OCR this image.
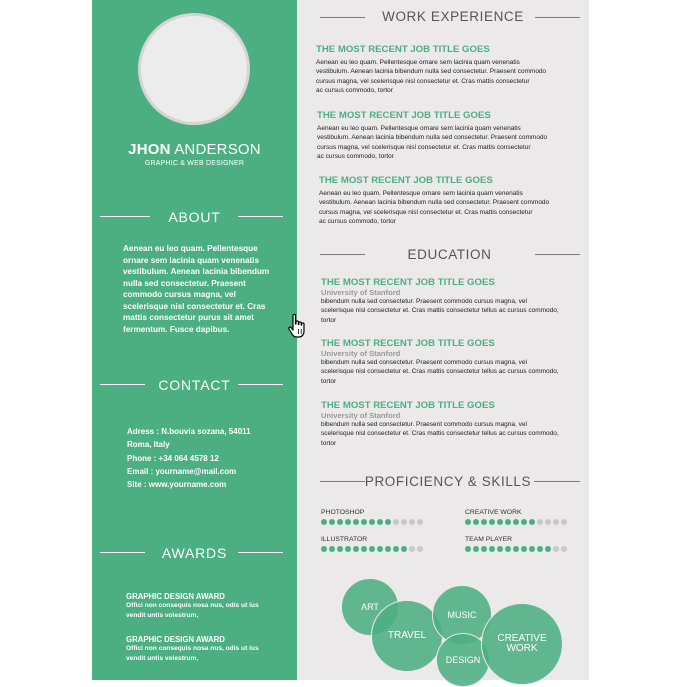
JHON ANDERSON
GRAPHIC & WEB DESIGNER
ABOUT
Aenean eu leo quam. Pellentesque
ornare sem lacinia quam venenatis
vestibulum. Aenean lacinia bibendum
nulla sed consectetur. Praesent
commodo cursus magna, vel
scelerisque nisl consectetur et. Cras
mattis consectetur purus sit amet
fermentum. Fusce dapibus.
CONTACT
Adress : N.bouvia sozana, 54011
Roma, Italy
Phone : +34 064 4578 12
Email : yourname@mail.com
Site : www.yourname.com
AWARDS
GRAPHIC DESIGN AWARD
Offici non consequis nosa nus, odis ut ius
vendit untis volestrum,
GRAPHIC DESIGN AWARD
Offici non consequis nosa nus, odis ut ius
vendit untis volestrum,
WORK EXPERIENCE
THE MOST RECENT JOB TITLE GOES
Aenean eu leo quam. Pellentesque ornare sem lacinia quam venenatis
vestibulum. Aenean lacinia bibendum nulla sed consectetur. Praesent commodo
cursus magna, vel scelerisque nisl consectetur et. Cras mattis consectetur
ac cursus commodo, tortor
THE MOST RECENT JOB TITLE GOES
Aenean eu leo quam. Pellentesque ornare sem lacinia quam venenatis
vestibulum. Aenean lacinia bibendum nulla sed consectetur. Praesent commodo
cursus magna, vel scelerisque nisl consectetur et. Cras mattis consectetur
ac cursus commodo, tortor
THE MOST RECENT JOB TITLE GOES
Aenean eu leo quam. Pellentesque ornare sem lacinia quam venenatis
vestibulum. Aenean lacinia bibendum nulla sed consectetur. Praesent commodo
cursus magna, vel scelerisque nisl consectetur et. Cras mattis consectetur
ac cursus commodo, tortor
EDUCATION
THE MOST RECENT JOB TITLE GOES
University of Stanford
bibendum nulla sed consectetur. Praesent commodo cursus magna, vel
scelerisque nisl consectetur et. Cras mattis consectetur tellus ac cursus commodo,
tortor
THE MOST RECENT JOB TITLE GOES
University of Stanford
bibendum nulla sed consectetur. Praesent commodo cursus magna, vel
scelerisque nisl consectetur et. Cras mattis consectetur tellus ac cursus commodo,
tortor
THE MOST RECENT JOB TITLE GOES
University of Stanford
bibendum nulla sed consectetur. Praesent commodo cursus magna, vel
scelerisque nisl consectetur et. Cras mattis consectetur tellus ac cursus commodo,
tortor
PROFICIENCY & SKILLS
PHOTOSHOP	CREATIVE WORK
ILLUSTRATOR	TEAM PLAYER
ART
TRAVEL
MUSIC
DESIGN
CREATIVE WORK
